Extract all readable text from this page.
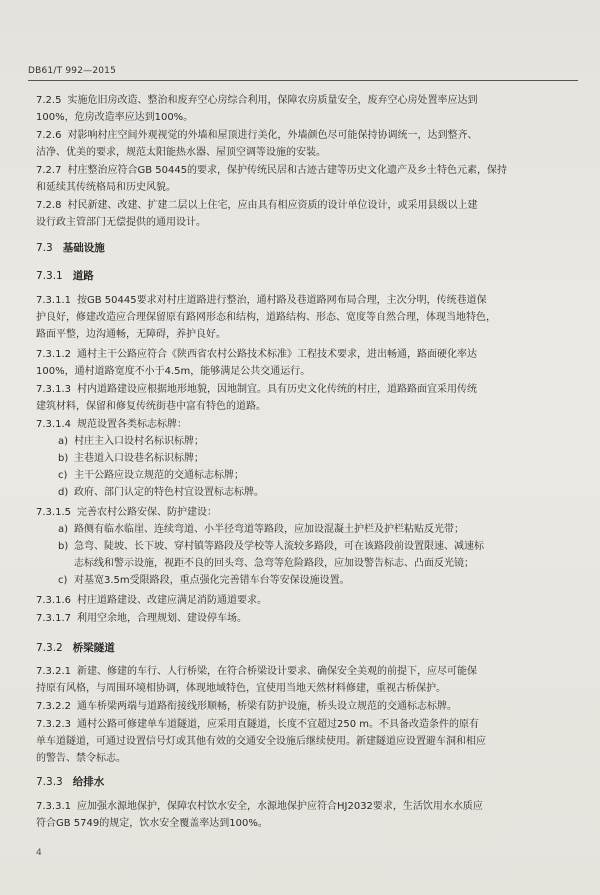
DB61/T 992—2015
7.2.5 实施危旧房改造、整治和废弃空心房综合利用，保障农房质量安全，废弃空心房处置率应达到
100%，危房改造率应达到100%。
7.2.6 对影响村庄空间外观视觉的外墙和屋顶进行美化，外墙颜色尽可能保持协调统一，达到整齐、
洁净、优美的要求，规范太阳能热水器、屋顶空调等设施的安装。
7.2.7 村庄整治应符合GB 50445的要求，保护传统民居和古迹古建等历史文化遗产及乡土特色元素，保持
和延续其传统格局和历史风貌。
7.2.8 村民新建、改建、扩建二层以上住宅，应由具有相应资质的设计单位设计，或采用县级以上建
设行政主管部门无偿提供的通用设计。
7.3 基础设施
7.3.1 道路
7.3.1.1 按GB 50445要求对村庄道路进行整治，通村路及巷道路网布局合理，主次分明，传统巷道保
护良好，修建改造应合理保留原有路网形态和结构，道路结构、形态、宽度等自然合理，体现当地特色，
路面平整，边沟通畅，无障碍，养护良好。
7.3.1.2 通村主干公路应符合《陕西省农村公路技术标准》工程技术要求，进出畅通，路面硬化率达
100%，通村道路宽度不小于4.5m，能够满足公共交通运行。
7.3.1.3 村内道路建设应根据地形地貌，因地制宜。具有历史文化传统的村庄，道路路面宜采用传统
建筑材料，保留和修复传统街巷中富有特色的道路。
7.3.1.4 规范设置各类标志标牌：
a) 村庄主入口设村名标识标牌；
b) 主巷道入口设巷名标识标牌；
c) 主干公路应设立规范的交通标志标牌；
d) 政府、部门认定的特色村宜设置标志标牌。
7.3.1.5 完善农村公路安保、防护建设：
a) 路侧有临水临崖、连续弯道、小半径弯道等路段，应加设混凝土护栏及护栏粘贴反光带；
b) 急弯、陡坡、长下坡、穿村镇等路段及学校等人流较多路段，可在该路段前设置限速、减速标
志标线和警示设施，视距不良的回头弯、急弯等危险路段，应加设警告标志、凸面反光镜；
c) 对基宽3.5m受限路段，重点强化完善错车台等安保设施设置。
7.3.1.6 村庄道路建设、改建应满足消防通道要求。
7.3.1.7 利用空余地，合理规划、建设停车场。
7.3.2 桥梁隧道
7.3.2.1 新建、修建的车行、人行桥梁，在符合桥梁设计要求、确保安全美观的前提下，应尽可能保
持原有风格，与周围环境相协调，体现地域特色，宜使用当地天然材料修建，重视古桥保护。
7.3.2.2 通车桥梁两端与道路衔接线形顺畅，桥梁有防护设施，桥头设立规范的交通标志标牌。
7.3.2.3 通村公路可修建单车道隧道，应采用直隧道，长度不宜超过250 m。不具备改造条件的原有
单车道隧道，可通过设置信号灯或其他有效的交通安全设施后继续使用。新建隧道应设置避车洞和相应
的警告、禁令标志。
7.3.3 给排水
7.3.3.1 应加强水源地保护，保障农村饮水安全，水源地保护应符合HJ2032要求，生活饮用水水质应
符合GB 5749的规定，饮水安全覆盖率达到100%。
4
